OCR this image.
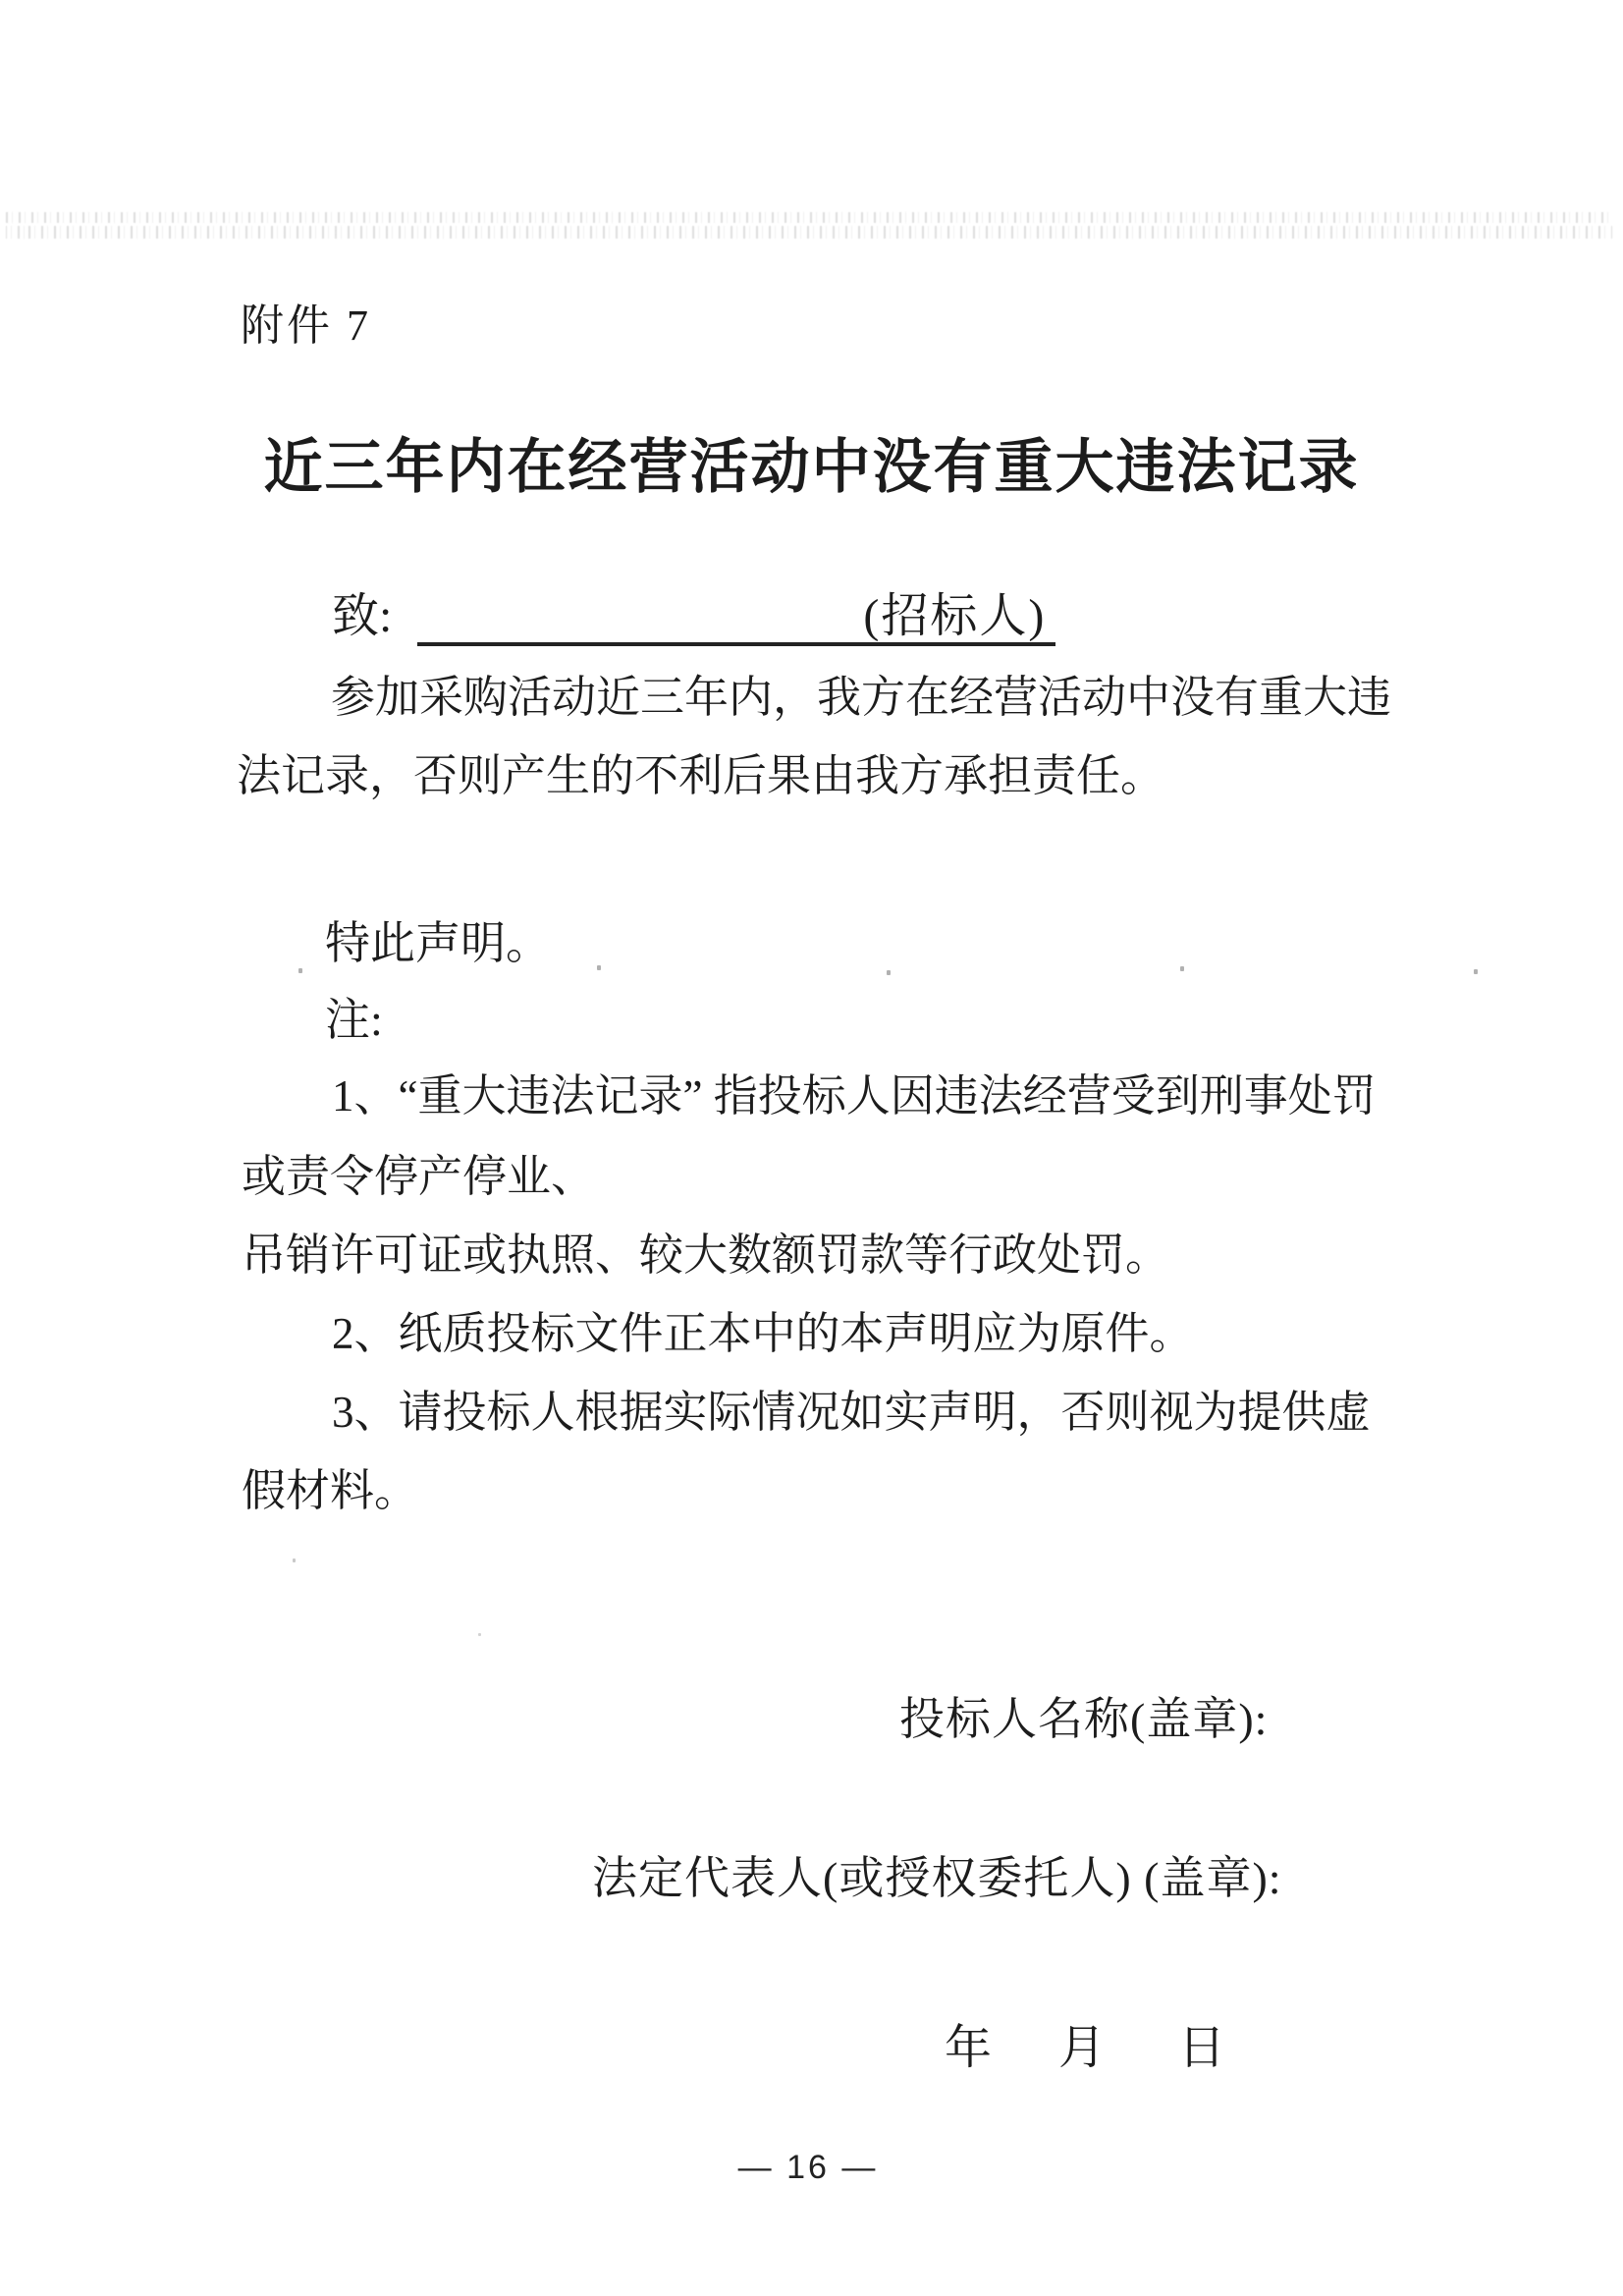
附件 7
近三年内在经营活动中没有重大违法记录
致:	(招标人)
参加采购活动近三年内，我方在经营活动中没有重大违
法记录，否则产生的不利后果由我方承担责任。
特此声明。
注:
1、“重大违法记录” 指投标人因违法经营受到刑事处罚
或责令停产停业、
吊销许可证或执照、较大数额罚款等行政处罚。
2、纸质投标文件正本中的本声明应为原件。
3、请投标人根据实际情况如实声明，否则视为提供虚
假材料。
投标人名称(盖章):
法定代表人(或授权委托人) (盖章):
年 月 日
— 16 —
